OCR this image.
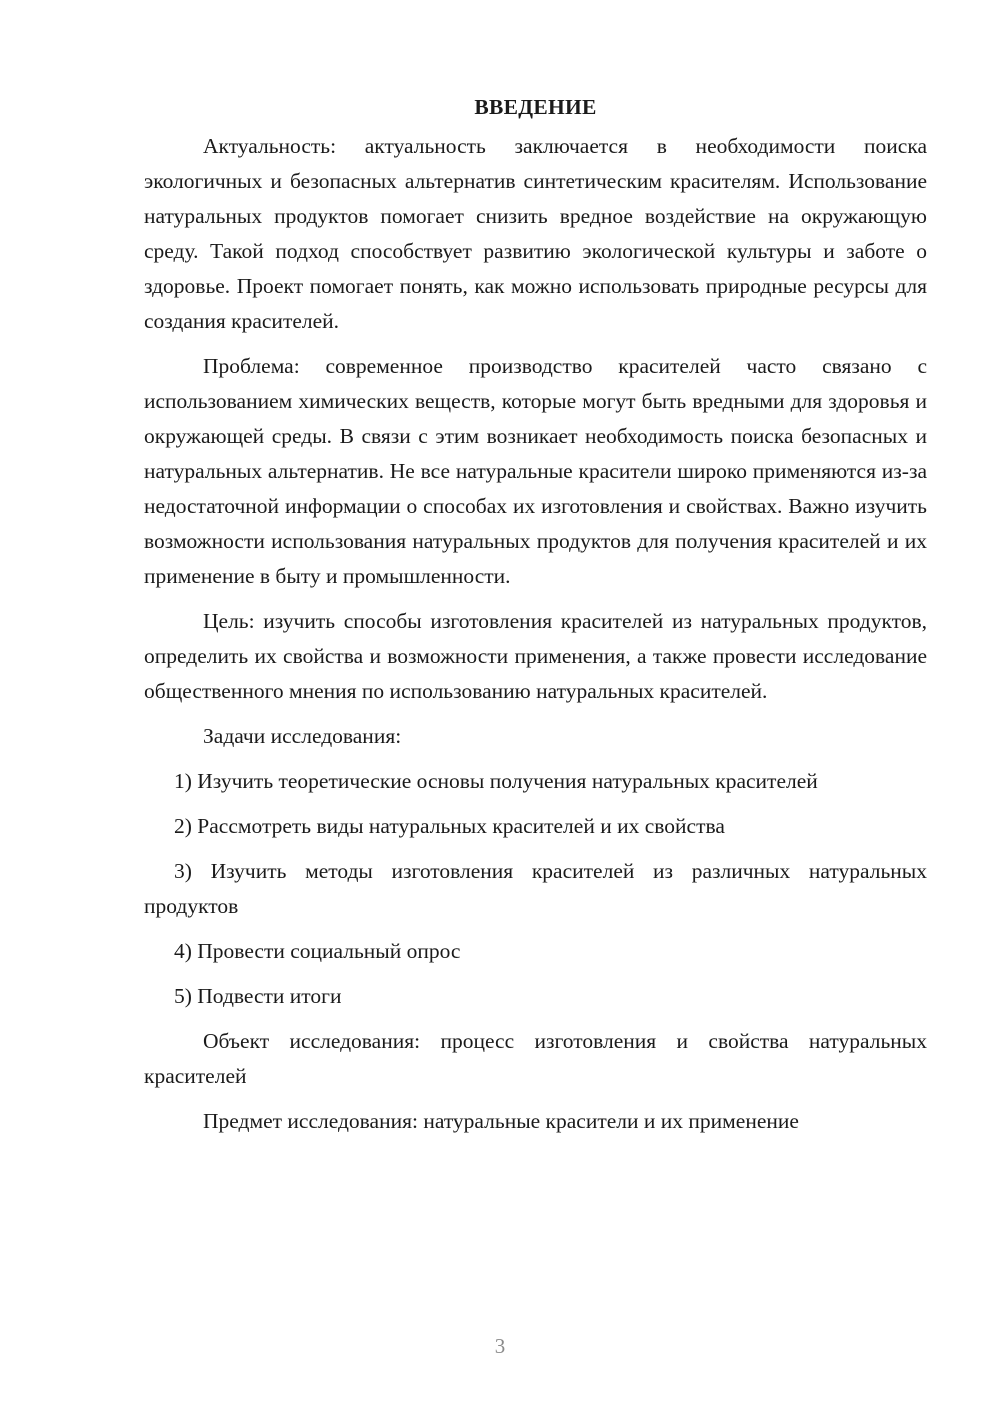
ВВЕДЕНИЕ

Актуальность: актуальность заключается в необходимости поиска экологичных и безопасных альтернатив синтетическим красителям. Использование натуральных продуктов помогает снизить вредное воздействие на окружающую среду. Такой подход способствует развитию экологической культуры и заботе о здоровье. Проект помогает понять, как можно использовать природные ресурсы для создания красителей.

Проблема: современное производство красителей часто связано с использованием химических веществ, которые могут быть вредными для здоровья и окружающей среды. В связи с этим возникает необходимость поиска безопасных и натуральных альтернатив. Не все натуральные красители широко применяются из-за недостаточной информации о способах их изготовления и свойствах. Важно изучить возможности использования натуральных продуктов для получения красителей и их применение в быту и промышленности.

Цель: изучить способы изготовления красителей из натуральных продуктов, определить их свойства и возможности применения, а также провести исследование общественного мнения по использованию натуральных красителей.

Задачи исследования:

1) Изучить теоретические основы получения натуральных красителей

2) Рассмотреть виды натуральных красителей и их свойства

3) Изучить методы изготовления красителей из различных натуральных продуктов

4) Провести социальный опрос

5) Подвести итоги

Объект исследования: процесс изготовления и свойства натуральных красителей

Предмет исследования: натуральные красители и их применение

3
